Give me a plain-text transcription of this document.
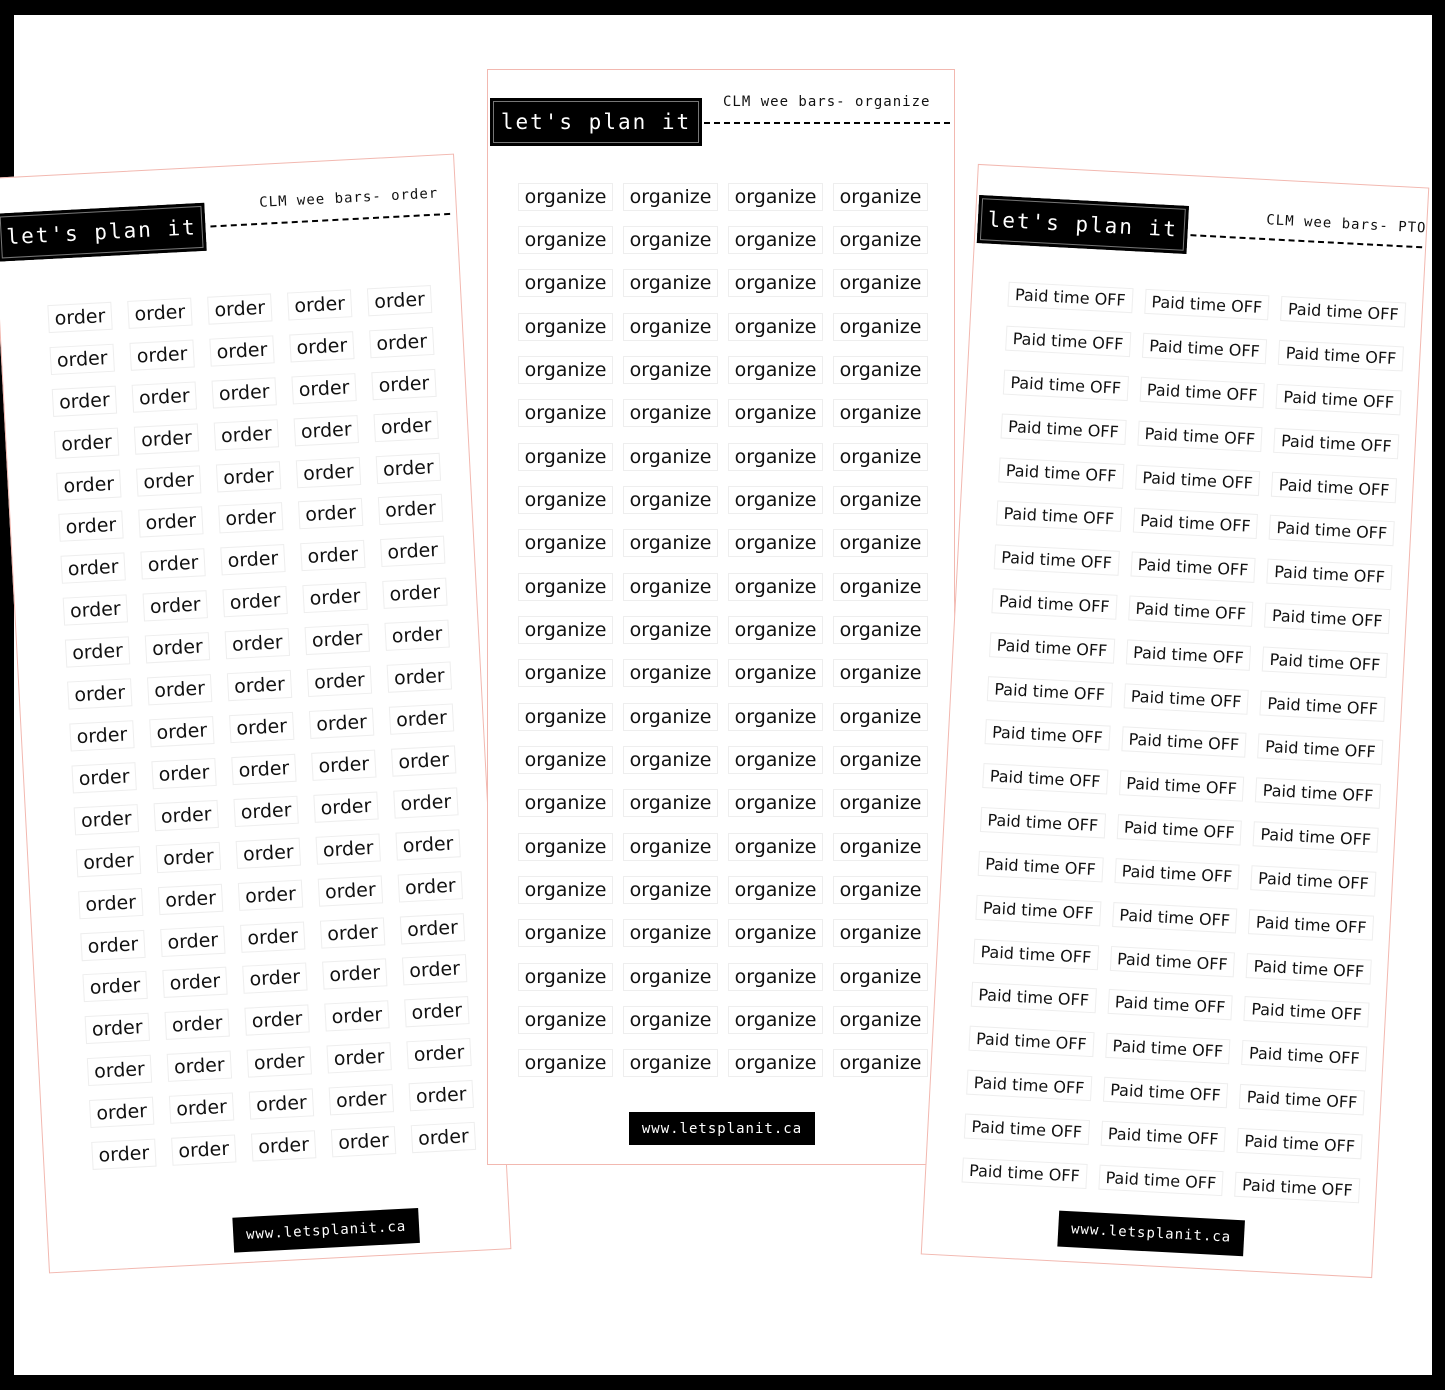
let's plan it
CLM wee bars- order
order	order	order	order	order
order	order	order	order	order
order	order	order	order	order
order	order	order	order	order
order	order	order	order	order
order	order	order	order	order
order	order	order	order	order
order	order	order	order	order
order	order	order	order	order
order	order	order	order	order
order	order	order	order	order
order	order	order	order	order
order	order	order	order	order
order	order	order	order	order
order	order	order	order	order
order	order	order	order	order
order	order	order	order	order
order	order	order	order	order
order	order	order	order	order
order	order	order	order	order
order	order	order	order	order
www.letsplanit.ca
let's plan it
CLM wee bars- organize
organize	organize	organize	organize
organize	organize	organize	organize
organize	organize	organize	organize
organize	organize	organize	organize
organize	organize	organize	organize
organize	organize	organize	organize
organize	organize	organize	organize
organize	organize	organize	organize
organize	organize	organize	organize
organize	organize	organize	organize
organize	organize	organize	organize
organize	organize	organize	organize
organize	organize	organize	organize
organize	organize	organize	organize
organize	organize	organize	organize
organize	organize	organize	organize
organize	organize	organize	organize
organize	organize	organize	organize
organize	organize	organize	organize
organize	organize	organize	organize
organize	organize	organize	organize
www.letsplanit.ca
let's plan it	CLM wee bars- PTO
Paid time OFF	Paid time OFF	Paid time OFF
Paid time OFF	Paid time OFF	Paid time OFF
Paid time OFF	Paid time OFF	Paid time OFF
Paid time OFF	Paid time OFF	Paid time OFF
Paid time OFF	Paid time OFF	Paid time OFF
Paid time OFF	Paid time OFF	Paid time OFF
Paid time OFF	Paid time OFF	Paid time OFF
Paid time OFF	Paid time OFF	Paid time OFF
Paid time OFF	Paid time OFF	Paid time OFF
Paid time OFF	Paid time OFF	Paid time OFF
Paid time OFF	Paid time OFF	Paid time OFF
Paid time OFF	Paid time OFF	Paid time OFF
Paid time OFF	Paid time OFF	Paid time OFF
Paid time OFF	Paid time OFF	Paid time OFF
Paid time OFF	Paid time OFF	Paid time OFF
Paid time OFF	Paid time OFF	Paid time OFF
Paid time OFF	Paid time OFF	Paid time OFF
Paid time OFF	Paid time OFF	Paid time OFF
Paid time OFF	Paid time OFF	Paid time OFF
Paid time OFF	Paid time OFF	Paid time OFF
Paid time OFF	Paid time OFF	Paid time OFF
www.letsplanit.ca
